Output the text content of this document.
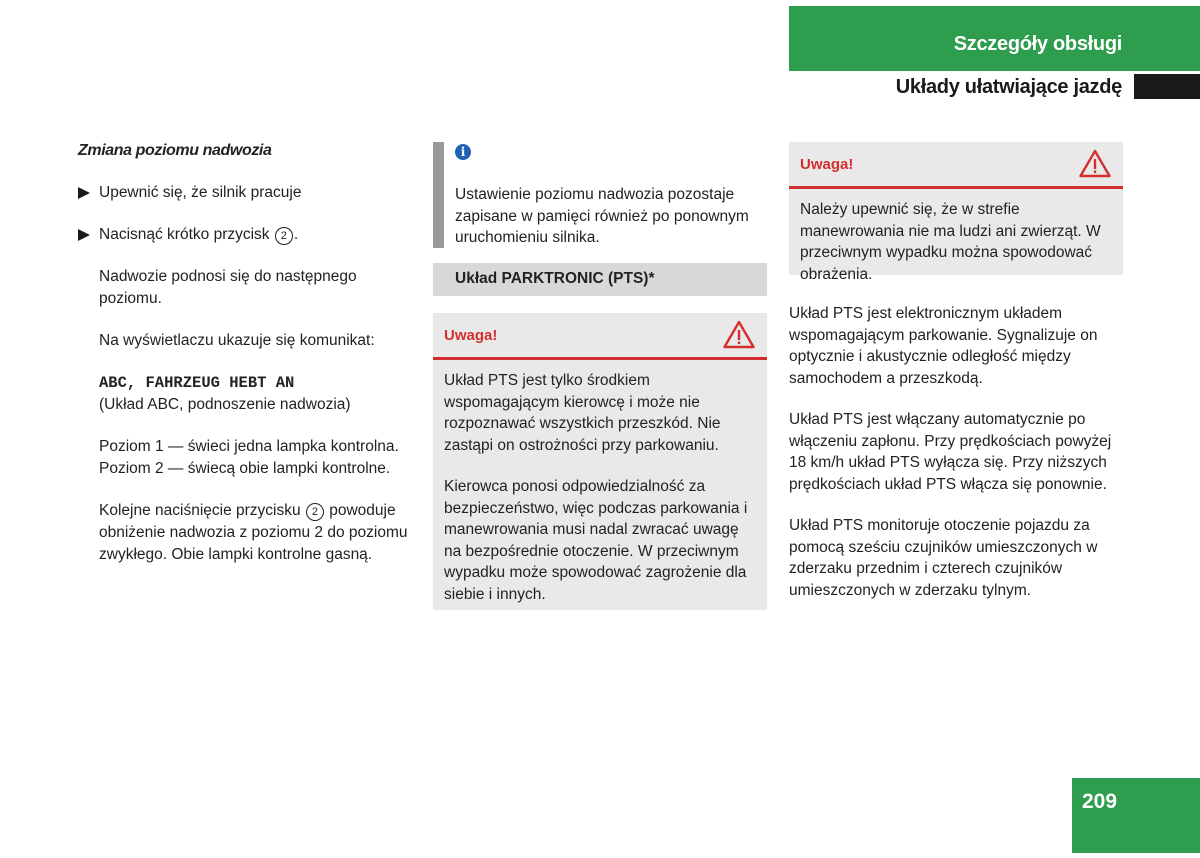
Szczegóły obsługi
Układy ułatwiające jazdę
Zmiana poziomu nadwozia
Upewnić się, że silnik pracuje
Nacisnąć krótko przycisk 2 .
Nadwozie podnosi się do następnego poziomu.
Na wyświetlaczu ukazuje się komunikat:
ABC, FAHRZEUG HEBT AN
(Układ ABC, podnoszenie nadwozia)
Poziom 1 — świeci jedna lampka kontrolna.
Poziom 2 — świecą obie lampki kontrolne.
Kolejne naciśnięcie przycisku 2 powoduje obniżenie nadwozia z poziomu 2 do poziomu zwykłego. Obie lampki kontrolne gasną.
i
Ustawienie poziomu nadwozia pozostaje zapisane w pamięci również po ponownym uruchomieniu silnika.
Układ PARKTRONIC (PTS)*
Uwaga!

Układ PTS jest tylko środkiem wspomagającym kierowcę i może nie rozpoznawać wszystkich przeszkód. Nie zastąpi on ostrożności przy parkowaniu.

Kierowca ponosi odpowiedzialność za bezpieczeństwo, więc podczas parkowania i manewrowania musi nadal zwracać uwagę na bezpośrednie otoczenie. W przeciwnym wypadku może spowodować zagrożenie dla siebie i innych.

Uwaga!

Należy upewnić się, że w strefie manewrowania nie ma ludzi ani zwierząt. W przeciwnym wypadku można spowodować obrażenia.

Układ PTS jest elektronicznym układem wspomagającym parkowanie. Sygnalizuje on optycznie i akustycznie odległość między samochodem a przeszkodą.

Układ PTS jest włączany automatycznie po włączeniu zapłonu. Przy prędkościach powyżej 18 km/h układ PTS wyłącza się. Przy niższych prędkościach układ PTS włącza się ponownie.

Układ PTS monitoruje otoczenie pojazdu za pomocą sześciu czujników umieszczonych w zderzaku przednim i czterech czujników umieszczonych w zderzaku tylnym.

209
